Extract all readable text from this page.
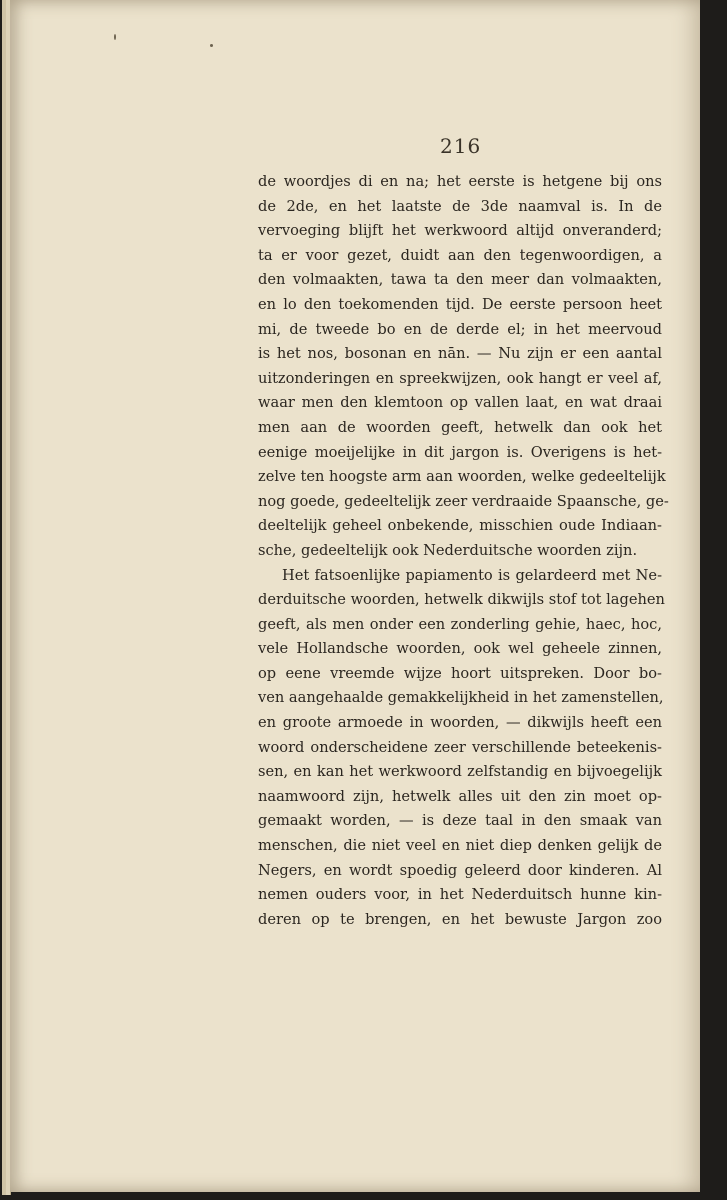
216
de woordjes di en na; het eerste is hetgene bij ons
de 2de, en het laatste de 3de naamval is. In de
vervoeging blijft het werkwoord altijd onveranderd;
ta er voor gezet, duidt aan den tegenwoordigen, a
den volmaakten, tawa ta den meer dan volmaakten,
en lo den toekomenden tijd. De eerste persoon heet
mi, de tweede bo en de derde el; in het meervoud
is het nos, bosonan en nān. — Nu zijn er een aantal
uitzonderingen en spreekwijzen, ook hangt er veel af,
waar men den klemtoon op vallen laat, en wat draai
men aan de woorden geeft, hetwelk dan ook het
eenige moeijelijke in dit jargon is. Overigens is het-
zelve ten hoogste arm aan woorden, welke gedeeltelijk
nog goede, gedeeltelijk zeer verdraaide Spaansche, ge-
deeltelijk geheel onbekende, misschien oude Indiaan-
sche, gedeeltelijk ook Nederduitsche woorden zijn.
Het fatsoenlijke papiamento is gelardeerd met Ne-
derduitsche woorden, hetwelk dikwijls stof tot lagehen
geeft, als men onder een zonderling gehie, haec, hoc,
vele Hollandsche woorden, ook wel geheele zinnen,
op eene vreemde wijze hoort uitspreken. Door bo-
ven aangehaalde gemakkelijkheid in het zamenstellen,
en groote armoede in woorden, — dikwijls heeft een
woord onderscheidene zeer verschillende beteekenis-
sen, en kan het werkwoord zelfstandig en bijvoegelijk
naamwoord zijn, hetwelk alles uit den zin moet op-
gemaakt worden, — is deze taal in den smaak van
menschen, die niet veel en niet diep denken gelijk de
Negers, en wordt spoedig geleerd door kinderen. Al
nemen ouders voor, in het Nederduitsch hunne kin-
deren op te brengen, en het bewuste Jargon zoo
